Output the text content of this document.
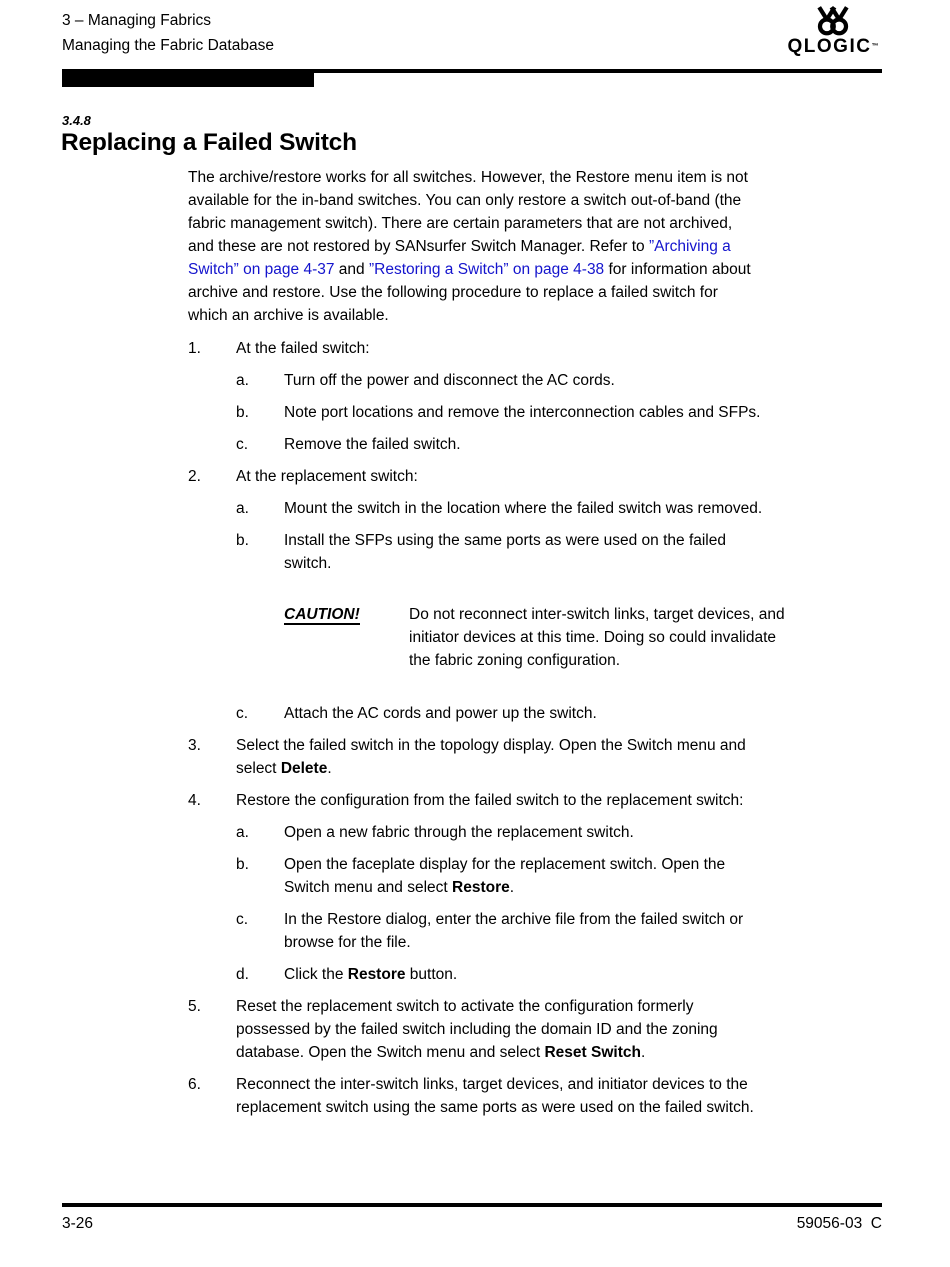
3 – Managing Fabrics
Managing the Fabric Database	QLOGIC™
3.4.8
Replacing a Failed Switch

The archive/restore works for all switches. However, the Restore menu item is not
available for the in-band switches. You can only restore a switch out-of-band (the
fabric management switch). There are certain parameters that are not archived,
and these are not restored by SANsurfer Switch Manager. Refer to ”Archiving a
Switch” on page 4-37 and ”Restoring a Switch” on page 4-38 for information about
archive and restore. Use the following procedure to replace a failed switch for
which an archive is available.

1.	At the failed switch:
a.	Turn off the power and disconnect the AC cords.
b.	Note port locations and remove the interconnection cables and SFPs.
c.	Remove the failed switch.
2.	At the replacement switch:
a.	Mount the switch in the location where the failed switch was removed.
b.	Install the SFPs using the same ports as were used on the failed
switch.
CAUTION!	Do not reconnect inter-switch links, target devices, and
initiator devices at this time. Doing so could invalidate
the fabric zoning configuration.
c.	Attach the AC cords and power up the switch.
3.	Select the failed switch in the topology display. Open the Switch menu and
select Delete.
4.	Restore the configuration from the failed switch to the replacement switch:
a.	Open a new fabric through the replacement switch.
b.	Open the faceplate display for the replacement switch. Open the
Switch menu and select Restore.
c.	In the Restore dialog, enter the archive file from the failed switch or
browse for the file.
d.	Click the Restore button.
5.	Reset the replacement switch to activate the configuration formerly
possessed by the failed switch including the domain ID and the zoning
database. Open the Switch menu and select Reset Switch.
6.	Reconnect the inter-switch links, target devices, and initiator devices to the
replacement switch using the same ports as were used on the failed switch.
3-26	59056-03  C
